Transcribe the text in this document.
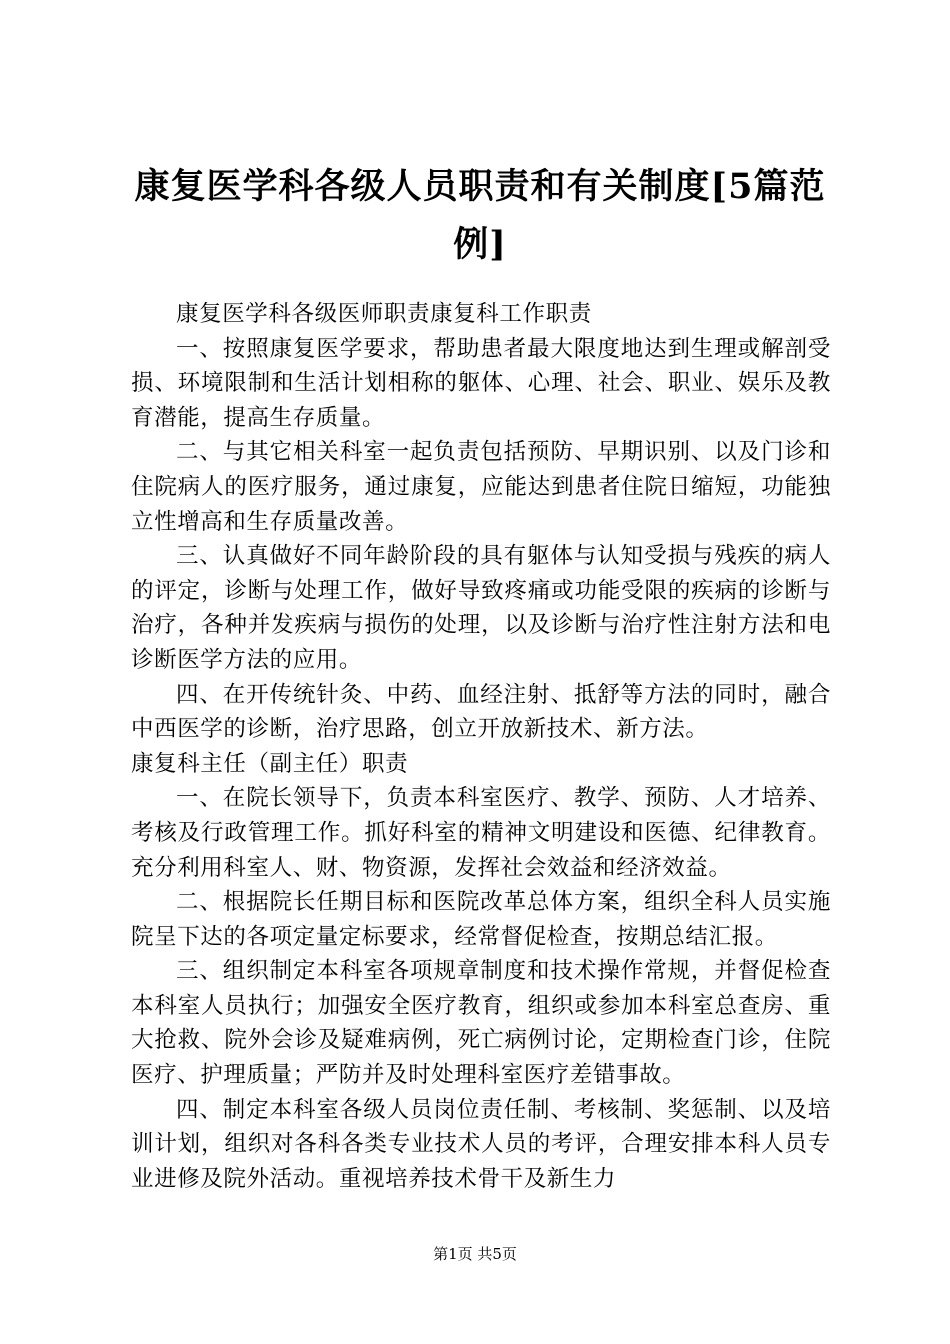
康复医学科各级人员职责和有关制度[5篇范例]

康复医学科各级医师职责康复科工作职责

一、按照康复医学要求，帮助患者最大限度地达到生理或解剖受损、环境限制和生活计划相称的躯体、心理、社会、职业、娱乐及教育潜能，提高生存质量。

二、与其它相关科室一起负责包括预防、早期识别、以及门诊和住院病人的医疗服务，通过康复，应能达到患者住院日缩短，功能独立性增高和生存质量改善。

三、认真做好不同年龄阶段的具有躯体与认知受损与残疾的病人的评定，诊断与处理工作，做好导致疼痛或功能受限的疾病的诊断与治疗，各种并发疾病与损伤的处理，以及诊断与治疗性注射方法和电诊断医学方法的应用。

四、在开传统针灸、中药、血经注射、抵舒等方法的同时，融合中西医学的诊断，治疗思路，创立开放新技术、新方法。

康复科主任（副主任）职责

一、在院长领导下，负责本科室医疗、教学、预防、人才培养、考核及行政管理工作。抓好科室的精神文明建设和医德、纪律教育。充分利用科室人、财、物资源，发挥社会效益和经济效益。

二、根据院长任期目标和医院改革总体方案，组织全科人员实施院呈下达的各项定量定标要求，经常督促检查，按期总结汇报。

三、组织制定本科室各项规章制度和技术操作常规，并督促检查本科室人员执行；加强安全医疗教育，组织或参加本科室总查房、重大抢救、院外会诊及疑难病例，死亡病例讨论，定期检查门诊，住院医疗、护理质量；严防并及时处理科室医疗差错事故。

四、制定本科室各级人员岗位责任制、考核制、奖惩制、以及培训计划，组织对各科各类专业技术人员的考评，合理安排本科人员专业进修及院外活动。重视培养技术骨干及新生力

第1页 共5页
